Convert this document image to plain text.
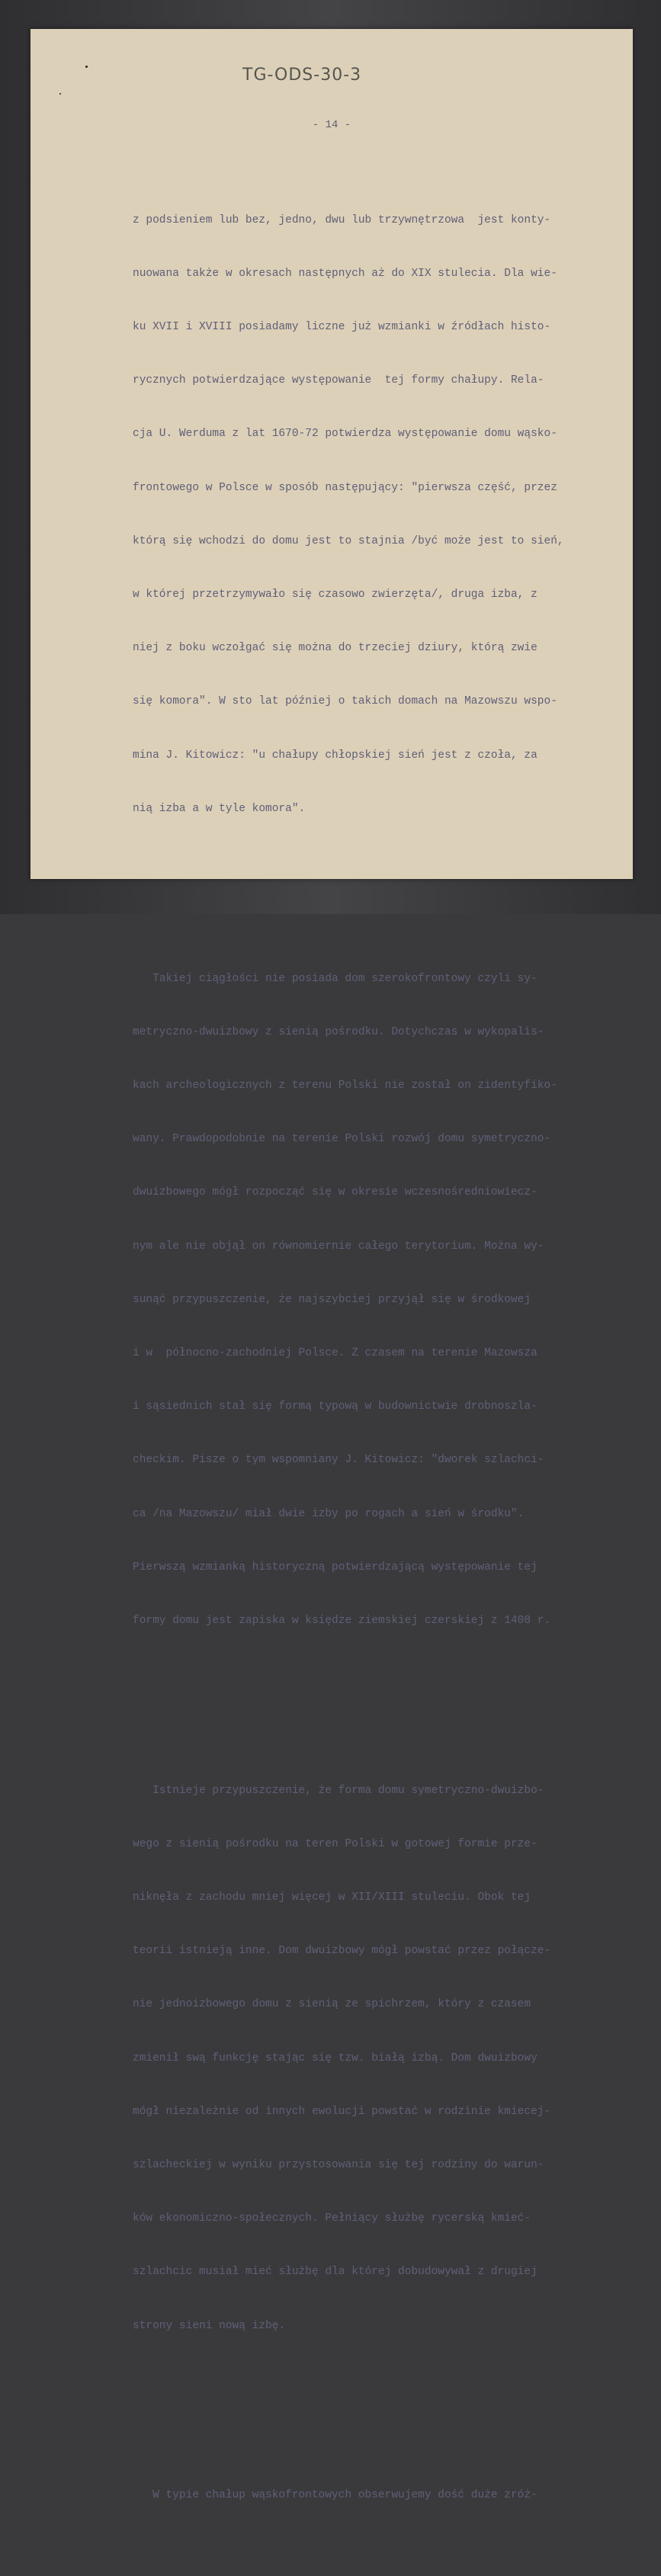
TG-ODS-30-3
- 14 -

z podsieniem lub bez, jedno, dwu lub trzywnętrzowa  jest konty-

nuowana także w okresach następnych aż do XIX stulecia. Dla wie-

ku XVII i XVIII posiadamy liczne już wzmianki w źródłach histo-

rycznych potwierdzające występowanie  tej formy chałupy. Rela-

cja U. Werduma z lat 1670-72 potwierdza występowanie domu wąsko-

frontowego w Polsce w sposób następujący: "pierwsza część, przez

którą się wchodzi do domu jest to stajnia /być może jest to sień,

w której przetrzymywało się czasowo zwierzęta/, druga izba, z

niej z boku wczołgać się można do trzeciej dziury, którą zwie

się komora". W sto lat później o takich domach na Mazowszu wspo-

mina J. Kitowicz: "u chałupy chłopskiej sień jest z czoła, za

nią izba a w tyle komora".

Takiej ciągłości nie posiada dom szerokofrontowy czyli sy-

metryczno-dwuizbowy z sienią pośrodku. Dotychczas w wykopalis-

kach archeologicznych z terenu Polski nie został on zidentyfiko-

wany. Prawdopodobnie na terenie Polski rozwój domu symetryczno-

dwuizbowego mógł rozpocząć się w okresie wczesnośredniowiecz-

nym ale nie objął on równomiernie całego terytorium. Można wy-

sunąć przypuszczenie, że najszybciej przyjął się w środkowej

i w  północno-zachodniej Polsce. Z czasem na terenie Mazowsza

i sąsiednich stał się formą typową w budownictwie drobnoszla-

checkim. Pisze o tym wspomniany J. Kitowicz: "dworek szlachci-

ca /na Mazowszu/ miał dwie izby po rogach a sień w środku".

Pierwszą wzmianką historyczną potwierdzającą występowanie tej

formy domu jest zapiska w księdze ziemskiej czerskiej z 1408 r.

Istnieje przypuszczenie, że forma domu symetryczno-dwuizbo-

wego z sienią pośrodku na teren Polski w gotowej formie prze-

niknęła z zachodu mniej więcej w XII/XIII stuleciu. Obok tej

teorii istnieją inne. Dom dwuizbowy mógł powstać przez połącze-

nie jednoizbowego domu z sienią ze spichrzem, który z czasem

zmienił swą funkcję stając się tzw. białą izbą. Dom dwuizbowy

mógł niezależnie od innych ewolucji powstać w rodzinie kmiecej-

szlacheckiej w wyniku przystosowania się tej rodziny do warun-

ków ekonomiczno-społecznych. Pełniący służbę rycerską kmieć-

szlachcic musiał mieć służbę dla której dobudowywał z drugiej

strony sieni nową izbę.

W typie chałup wąskofrontowych obserwujemy dość duże zróż-
